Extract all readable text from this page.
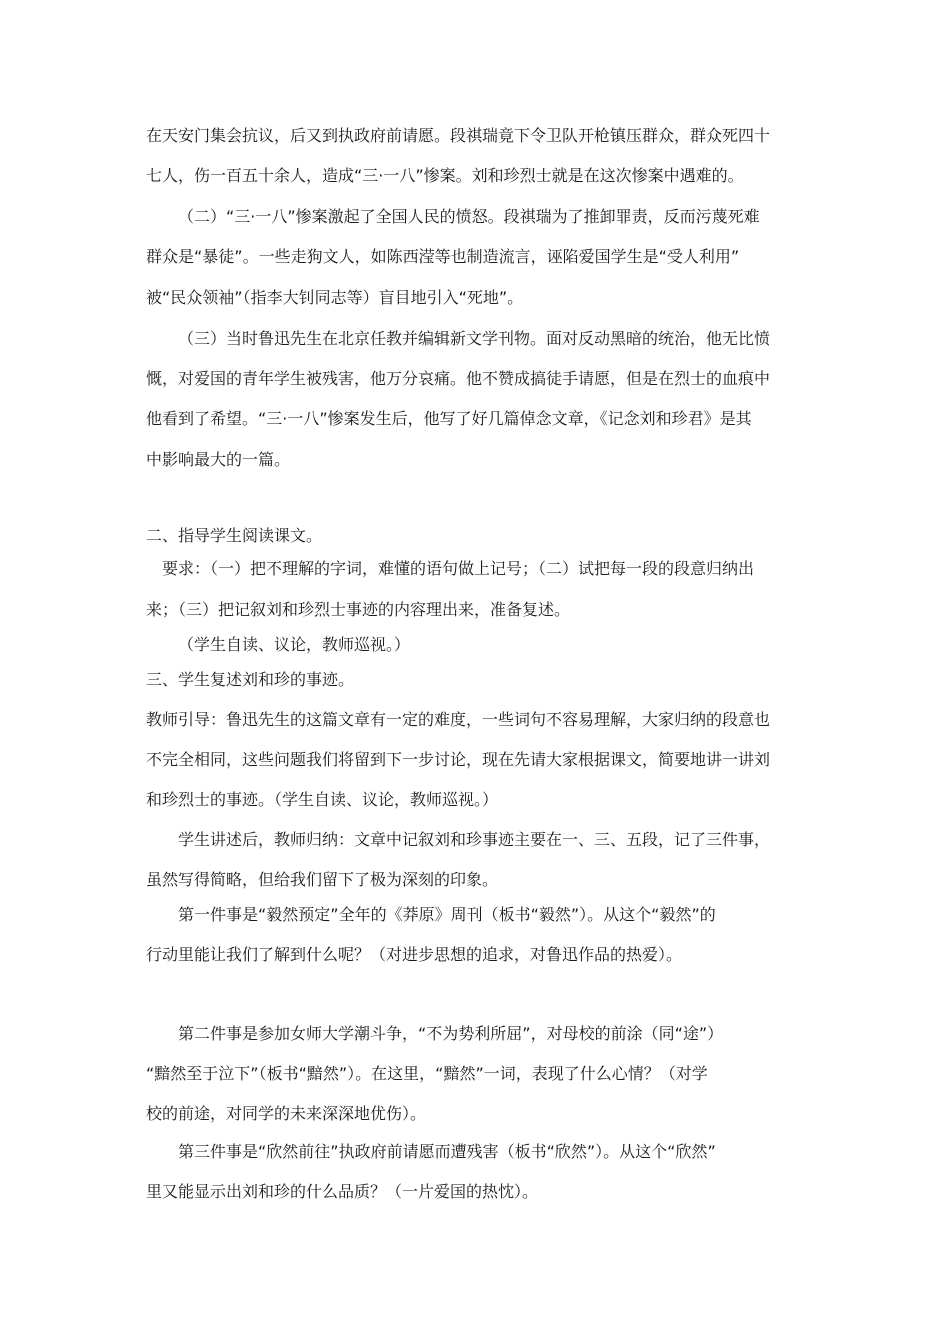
在天安门集会抗议，后又到执政府前请愿。段祺瑞竟下令卫队开枪镇压群众，群众死四十
七人，伤一百五十余人，造成“三·一八”惨案。刘和珍烈士就是在这次惨案中遇难的。
（二）“三·一八”惨案激起了全国人民的愤怒。段祺瑞为了推卸罪责，反而污蔑死难
群众是“暴徒”。一些走狗文人，如陈西滢等也制造流言，诬陷爱国学生是“受人利用”
被“民众领袖”（指李大钊同志等）盲目地引入“死地”。
（三）当时鲁迅先生在北京任教并编辑新文学刊物。面对反动黑暗的统治，他无比愤
慨，对爱国的青年学生被残害，他万分哀痛。他不赞成搞徒手请愿，但是在烈士的血痕中
他看到了希望。“三·一八”惨案发生后，他写了好几篇倬念文章，《记念刘和珍君》是其
中影响最大的一篇。
二、指导学生阅读课文。
要求：（一）把不理解的字词，难懂的语句做上记号；（二）试把每一段的段意归纳出
来；（三）把记叙刘和珍烈士事迹的内容理出来，准备复述。
（学生自读、议论，教师巡视。）
三、学生复述刘和珍的事迹。
教师引导：鲁迅先生的这篇文章有一定的难度，一些词句不容易理解，大家归纳的段意也
不完全相同，这些问题我们将留到下一步讨论，现在先请大家根据课文，简要地讲一讲刘
和珍烈士的事迹。（学生自读、议论，教师巡视。）
学生讲述后，教师归纳：文章中记叙刘和珍事迹主要在一、三、五段，记了三件事，
虽然写得简略，但给我们留下了极为深刻的印象。
第一件事是“毅然预定”全年的《莽原》周刊（板书“毅然”）。从这个“毅然”的
行动里能让我们了解到什么呢？（对进步思想的追求，对鲁迅作品的热爱）。
第二件事是参加女师大学潮斗争，“不为势利所屈”，对母校的前涂（同“途”）
“黯然至于泣下”（板书“黯然”）。在这里，“黯然”一词，表现了什么心情？（对学
校的前途，对同学的未来深深地优伤）。
第三件事是“欣然前往”执政府前请愿而遭残害（板书“欣然”）。从这个“欣然”
里又能显示出刘和珍的什么品质？（一片爱国的热忱）。
